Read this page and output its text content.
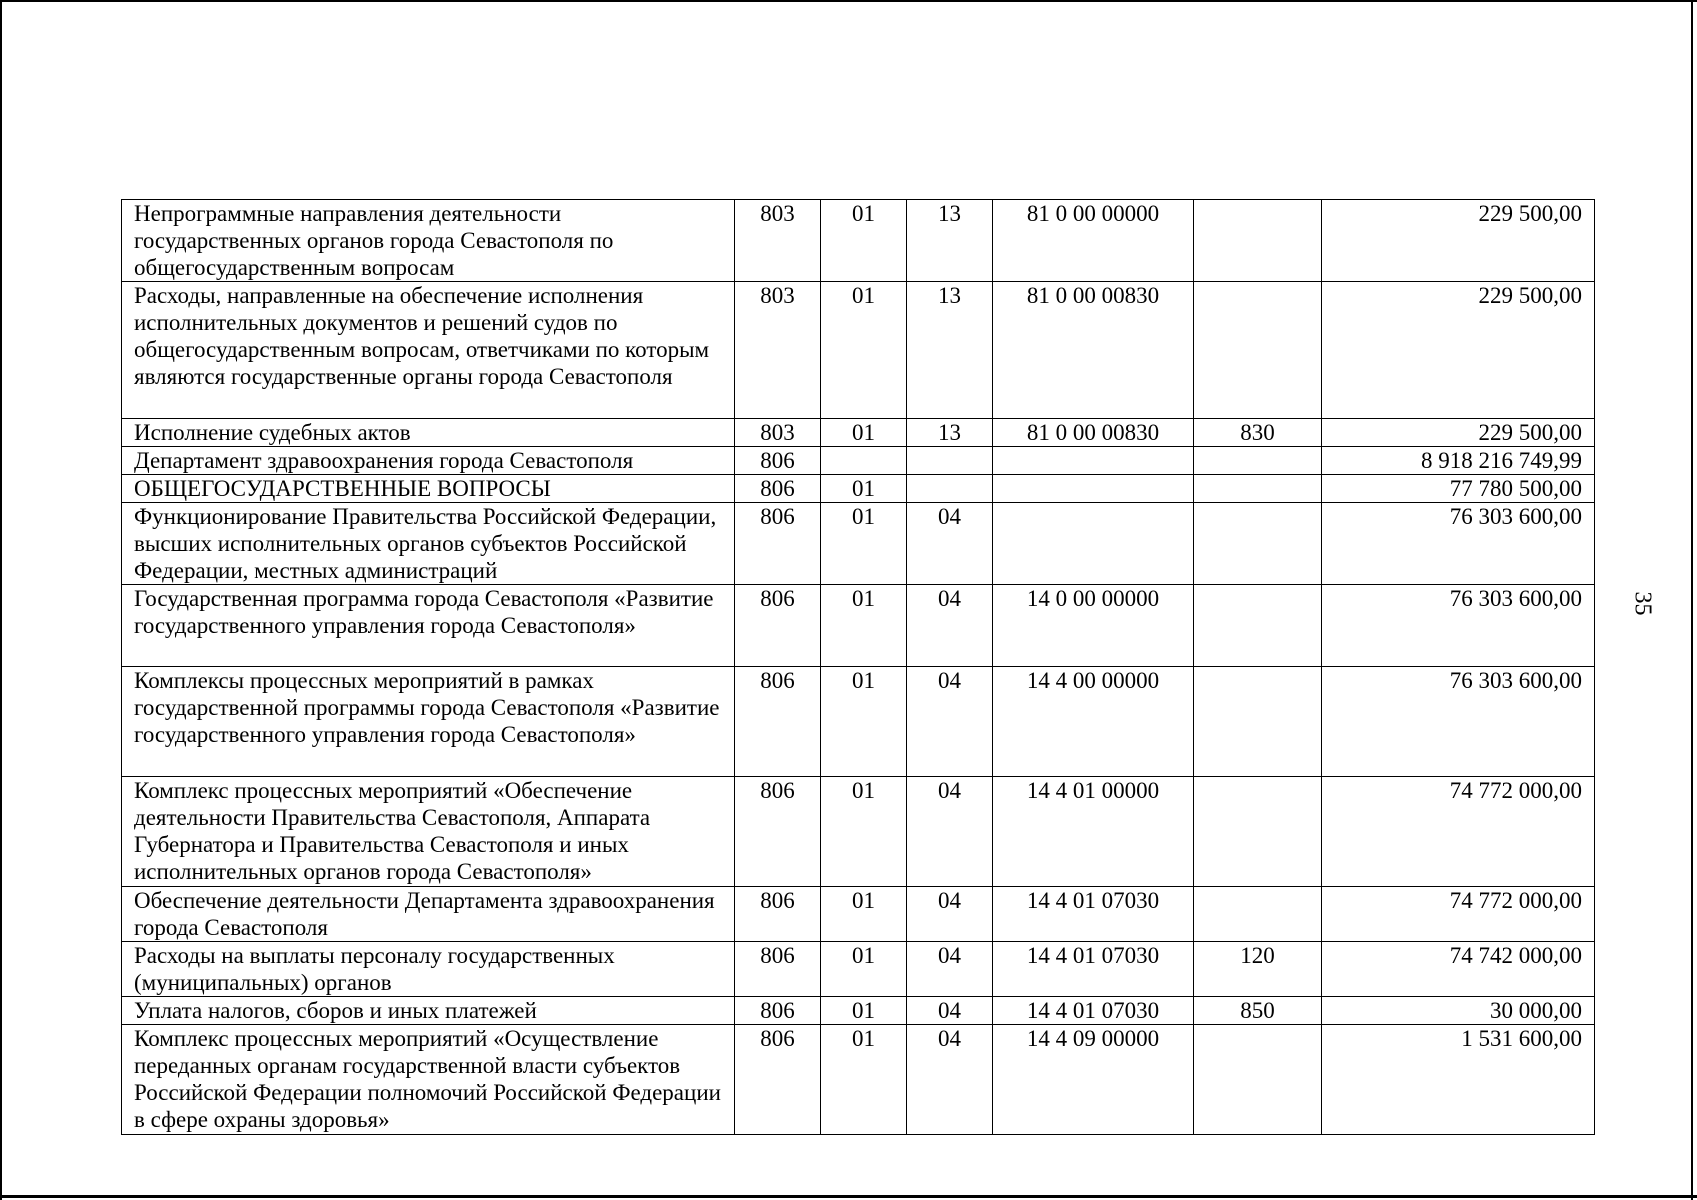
35
Непрограммные направления деятельности государственных органов города Севастополя по общегосударственным вопросам	803	01	13	81 0 00 00000		229 500,00
Расходы, направленные на обеспечение исполнения исполнительных документов и решений судов по общегосударственным вопросам, ответчиками по которым являются государственные органы города Севастополя	803	01	13	81 0 00 00830		229 500,00
Исполнение судебных актов	803	01	13	81 0 00 00830	830	229 500,00
Департамент здравоохранения города Севастополя	806					8 918 216 749,99
ОБЩЕГОСУДАРСТВЕННЫЕ ВОПРОСЫ	806	01				77 780 500,00
Функционирование Правительства Российской Федерации, высших исполнительных органов субъектов Российской Федерации, местных администраций	806	01	04			76 303 600,00
Государственная программа города Севастополя «Развитие государственного управления города Севастополя»	806	01	04	14 0 00 00000		76 303 600,00
Комплексы процессных мероприятий в рамках государственной программы города Севастополя «Развитие государственного управления города Севастополя»	806	01	04	14 4 00 00000		76 303 600,00
Комплекс процессных мероприятий «Обеспечение деятельности Правительства Севастополя, Аппарата Губернатора и Правительства Севастополя и иных исполнительных органов города Севастополя»	806	01	04	14 4 01 00000		74 772 000,00
Обеспечение деятельности Департамента здравоохранения города Севастополя	806	01	04	14 4 01 07030		74 772 000,00
Расходы на выплаты персоналу государственных (муниципальных) органов	806	01	04	14 4 01 07030	120	74 742 000,00
Уплата налогов, сборов и иных платежей	806	01	04	14 4 01 07030	850	30 000,00
Комплекс процессных мероприятий «Осуществление переданных органам государственной власти субъектов Российской Федерации полномочий Российской Федерации в сфере охраны здоровья»	806	01	04	14 4 09 00000		1 531 600,00
